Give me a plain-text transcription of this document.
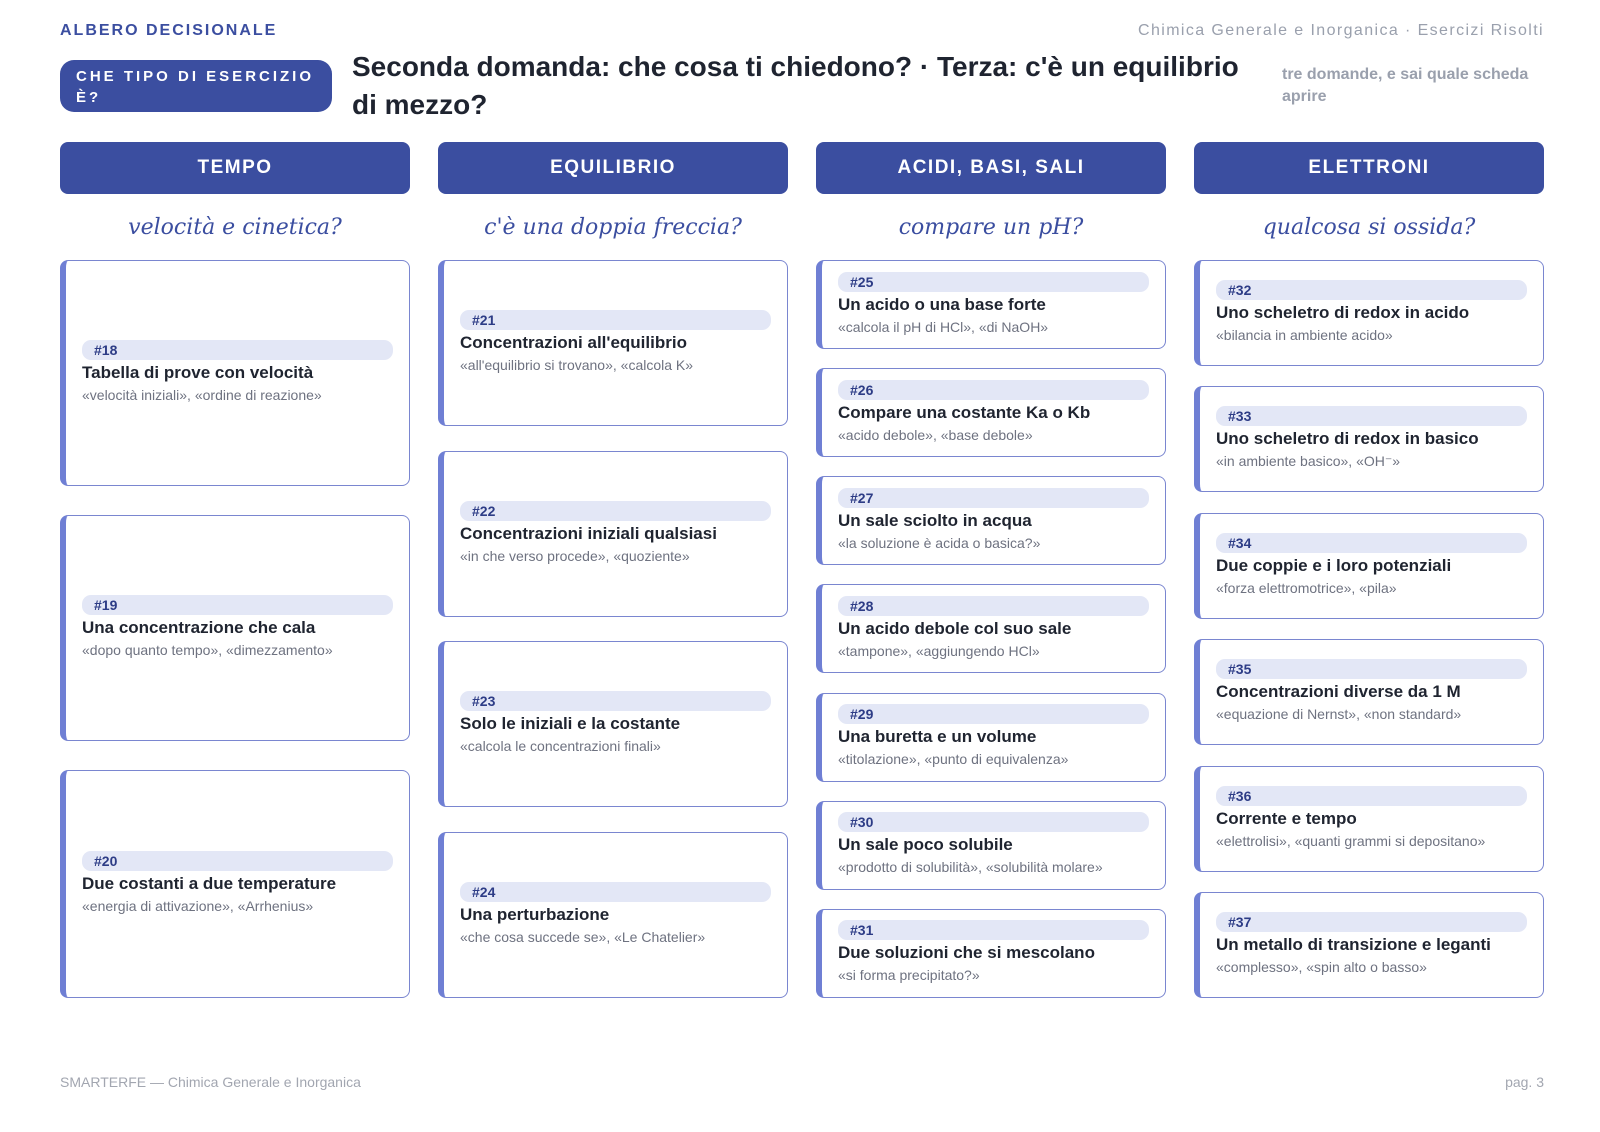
ALBERO DECISIONALE	Chimica Generale e Inorganica · Esercizi Risolti
CHE TIPO DI ESERCIZIO È?
Seconda domanda: che cosa ti chiedono? · Terza: c'è un equilibrio di mezzo?
tre domande, e sai quale scheda aprire
TEMPO
velocità e cinetica?
#18
Tabella di prove con velocità
«velocità iniziali», «ordine di reazione»
#19
Una concentrazione che cala
«dopo quanto tempo», «dimezzamento»
#20
Due costanti a due temperature
«energia di attivazione», «Arrhenius»
EQUILIBRIO
c'è una doppia freccia?
#21
Concentrazioni all'equilibrio
«all'equilibrio si trovano», «calcola K»
#22
Concentrazioni iniziali qualsiasi
«in che verso procede», «quoziente»
#23
Solo le iniziali e la costante
«calcola le concentrazioni finali»
#24
Una perturbazione
«che cosa succede se», «Le Chatelier»
ACIDI, BASI, SALI
compare un pH?
#25
Un acido o una base forte
«calcola il pH di HCl», «di NaOH»
#26
Compare una costante Ka o Kb
«acido debole», «base debole»
#27
Un sale sciolto in acqua
«la soluzione è acida o basica?»
#28
Un acido debole col suo sale
«tampone», «aggiungendo HCl»
#29
Una buretta e un volume
«titolazione», «punto di equivalenza»
#30
Un sale poco solubile
«prodotto di solubilità», «solubilità molare»
#31
Due soluzioni che si mescolano
«si forma precipitato?»
ELETTRONI
qualcosa si ossida?
#32
Uno scheletro di redox in acido
«bilancia in ambiente acido»
#33
Uno scheletro di redox in basico
«in ambiente basico», «OH⁻»
#34
Due coppie e i loro potenziali
«forza elettromotrice», «pila»
#35
Concentrazioni diverse da 1 M
«equazione di Nernst», «non standard»
#36
Corrente e tempo
«elettrolisi», «quanti grammi si depositano»
#37
Un metallo di transizione e leganti
«complesso», «spin alto o basso»
SMARTERFE — Chimica Generale e Inorganica	pag. 3
